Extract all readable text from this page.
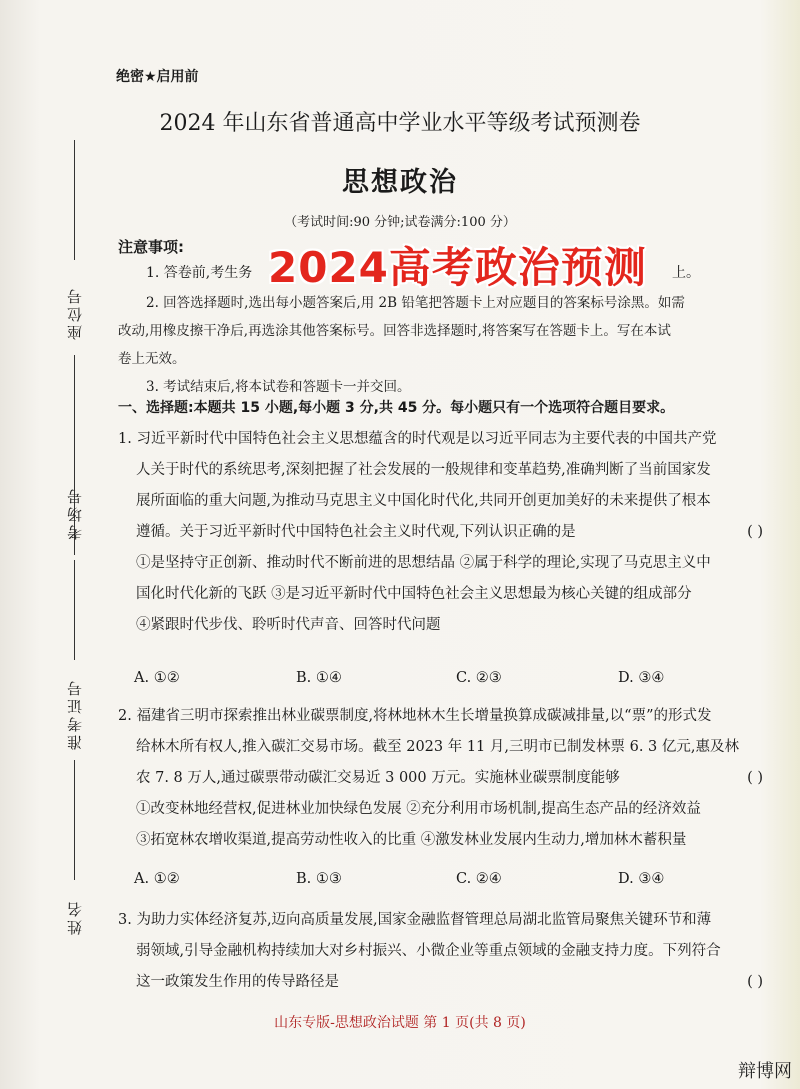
座位号
考场号
准考证号
姓名
绝密★启用前
2024 年山东省普通高中学业水平等级考试预测卷
思想政治
（考试时间:90 分钟;试卷满分:100 分）
注意事项:
1. 答卷前,考生务	上。
2024高考政治预测
2. 回答选择题时,选出每小题答案后,用 2B 铅笔把答题卡上对应题目的答案标号涂黑。如需
改动,用橡皮擦干净后,再选涂其他答案标号。回答非选择题时,将答案写在答题卡上。写在本试
卷上无效。
3. 考试结束后,将本试卷和答题卡一并交回。
一、选择题:本题共 15 小题,每小题 3 分,共 45 分。每小题只有一个选项符合题目要求。
1. 习近平新时代中国特色社会主义思想蕴含的时代观是以习近平同志为主要代表的中国共产党
人关于时代的系统思考,深刻把握了社会发展的一般规律和变革趋势,准确判断了当前国家发
展所面临的重大问题,为推动马克思主义中国化时代化,共同开创更加美好的未来提供了根本
遵循。关于习近平新时代中国特色社会主义时代观,下列认识正确的是	( )
①是坚持守正创新、推动时代不断前进的思想结晶 ②属于科学的理论,实现了马克思主义中
国化时代化新的飞跃 ③是习近平新时代中国特色社会主义思想最为核心关键的组成部分
④紧跟时代步伐、聆听时代声音、回答时代问题
A. ①②	B. ①④	C. ②③	D. ③④
2. 福建省三明市探索推出林业碳票制度,将林地林木生长增量换算成碳减排量,以“票”的形式发
给林木所有权人,推入碳汇交易市场。截至 2023 年 11 月,三明市已制发林票 6. 3 亿元,惠及林
农 7. 8 万人,通过碳票带动碳汇交易近 3 000 万元。实施林业碳票制度能够	( )
①改变林地经营权,促进林业加快绿色发展 ②充分利用市场机制,提高生态产品的经济效益
③拓宽林农增收渠道,提高劳动性收入的比重 ④激发林业发展内生动力,增加林木蓄积量
A. ①②	B. ①③	C. ②④	D. ③④
3. 为助力实体经济复苏,迈向高质量发展,国家金融监督管理总局湖北监管局聚焦关键环节和薄
弱领域,引导金融机构持续加大对乡村振兴、小微企业等重点领域的金融支持力度。下列符合
这一政策发生作用的传导路径是	( )
山东专版-思想政治试题 第 1 页(共 8 页)
辩博网
